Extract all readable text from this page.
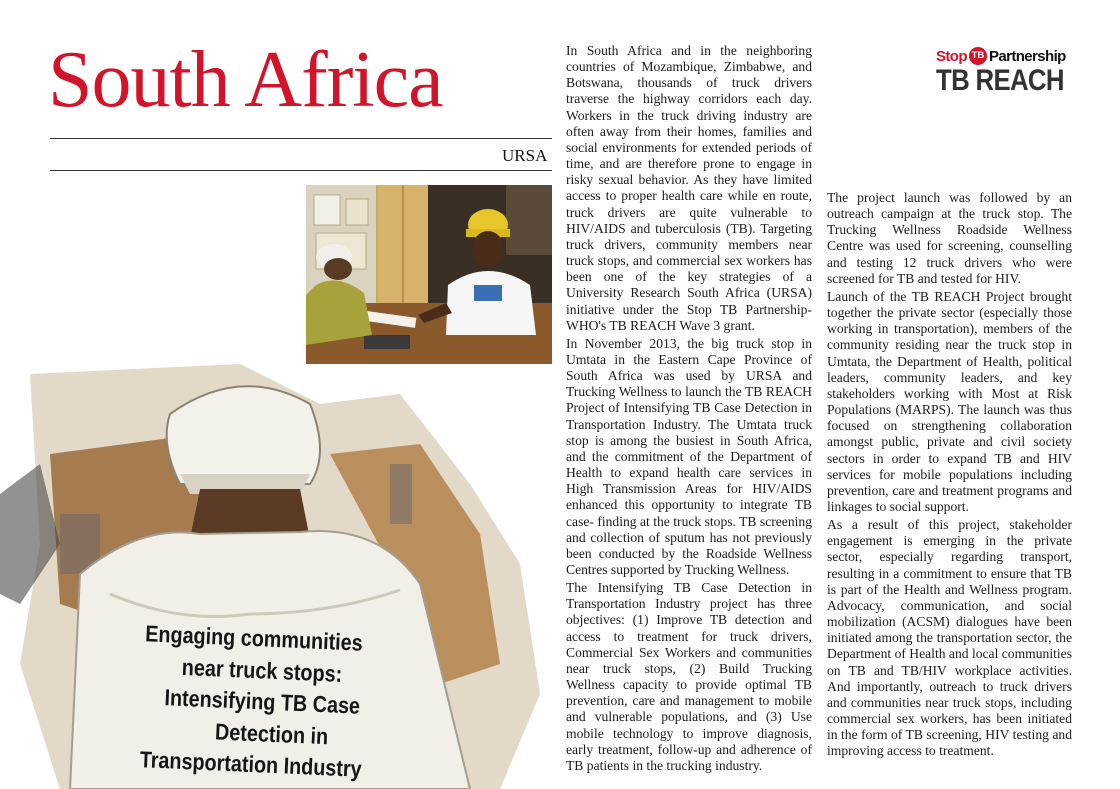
South Africa
URSA
Stop TB Partnership
TB REACH
Engaging communities
near truck stops:
Intensifying TB Case
Detection in
Transportation Industry

In South Africa and in the neighboring countries of Mozambique, Zimbabwe, and Botswana, thousands of truck drivers traverse the highway corridors each day. Workers in the truck driving industry are often away from their homes, families and social environments for extended periods of time, and are therefore prone to engage in risky sexual behavior. As they have limited access to proper health care while en route, truck drivers are quite vulnerable to HIV/AIDS and tuberculosis (TB). Targeting truck drivers, community members near truck stops, and commercial sex workers has been one of the key strategies of a University Research South Africa (URSA) initiative under the Stop TB Partnership-WHO's TB REACH Wave 3 grant.

In November 2013, the big truck stop in Umtata in the Eastern Cape Province of South Africa was used by URSA and Trucking Wellness to launch the TB REACH Project of Intensifying TB Case Detection in Transportation Industry. The Umtata truck stop is among the busiest in South Africa, and the commitment of the Department of Health to expand health care services in High Transmission Areas for HIV/AIDS enhanced this opportunity to integrate TB case- finding at the truck stops. TB screening and collection of sputum has not previously been conducted by the Roadside Wellness Centres supported by Trucking Wellness.

The Intensifying TB Case Detection in Transportation Industry project has three objectives: (1) Improve TB detection and access to treatment for truck drivers, Commercial Sex Workers and communities near truck stops, (2) Build Trucking Wellness capacity to provide optimal TB prevention, care and management to mobile and vulnerable populations, and (3) Use mobile technology to improve diagnosis, early treatment, follow-up and adherence of TB patients in the trucking industry.

The project launch was followed by an outreach campaign at the truck stop. The Trucking Wellness Roadside Wellness Centre was used for screening, counselling and testing 12 truck drivers who were screened for TB and tested for HIV.

Launch of the TB REACH Project brought together the private sector (especially those working in transportation), members of the community residing near the truck stop in Umtata, the Department of Health, political leaders, community leaders, and key stakeholders working with Most at Risk Populations (MARPS). The launch was thus focused on strengthening collaboration amongst public, private and civil society sectors in order to expand TB and HIV services for mobile populations including prevention, care and treatment programs and linkages to social support.

As a result of this project, stakeholder engagement is emerging in the private sector, especially regarding transport, resulting in a commitment to ensure that TB is part of the Health and Wellness program. Advocacy, communication, and social mobilization (ACSM) dialogues have been initiated among the transportation sector, the Department of Health and local communities on TB and TB/HIV workplace activities. And importantly, outreach to truck drivers and communities near truck stops, including commercial sex workers, has been initiated in the form of TB screening, HIV testing and improving access to treatment.
